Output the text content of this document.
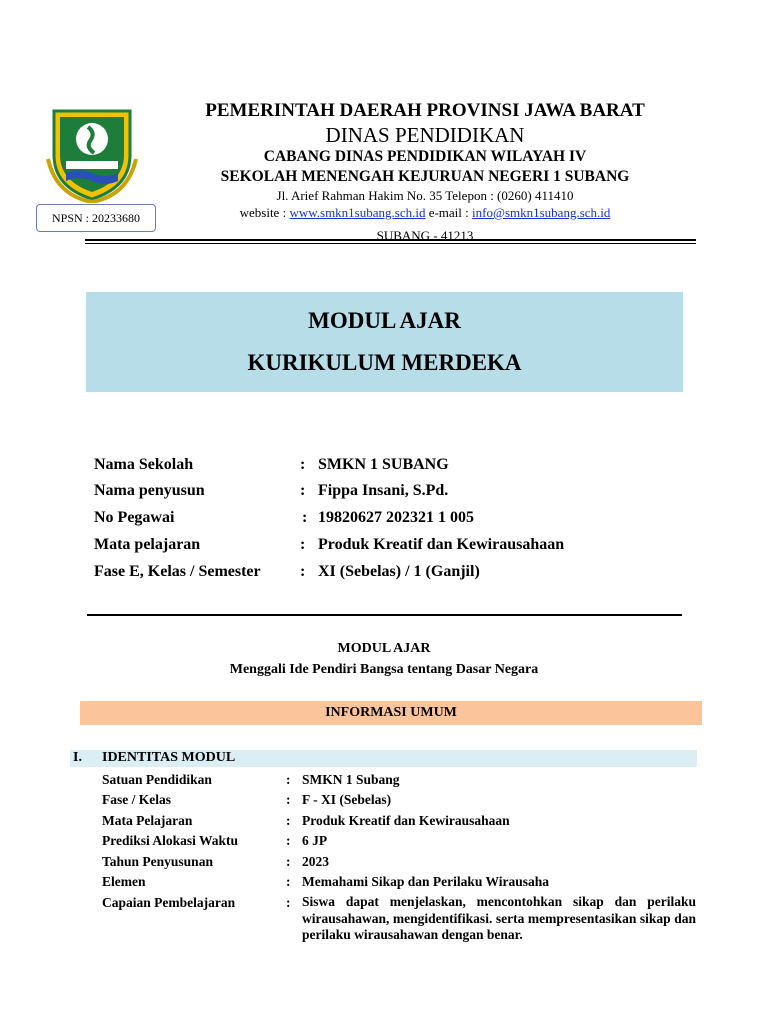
NPSN : 20233680
PEMERINTAH DAERAH PROVINSI JAWA BARAT
DINAS PENDIDIKAN
CABANG DINAS PENDIDIKAN WILAYAH IV
SEKOLAH MENENGAH KEJURUAN NEGERI 1 SUBANG
Jl. Arief Rahman Hakim No. 35 Telepon : (0260) 411410
website : www.smkn1subang.sch.id e-mail : info@smkn1subang.sch.id
SUBANG - 41213
MODUL AJAR
KURIKULUM MERDEKA
Nama Sekolah	: SMKN 1 SUBANG
Nama penyusun	: Fippa Insani, S.Pd.
No Pegawai	: 19820627 202321 1 005
Mata pelajaran	: Produk Kreatif dan Kewirausahaan
Fase E, Kelas / Semester : XI (Sebelas) / 1 (Ganjil)
MODUL AJAR
Menggali Ide Pendiri Bangsa tentang Dasar Negara
INFORMASI UMUM
I. IDENTITAS MODUL
Satuan Pendidikan	: SMKN 1 Subang
Fase / Kelas	: F - XI (Sebelas)
Mata Pelajaran	: Produk Kreatif dan Kewirausahaan
Prediksi Alokasi Waktu	: 6 JP
Tahun Penyusunan	: 2023
Elemen	: Memahami Sikap dan Perilaku Wirausaha
Capaian Pembelajaran	: Siswa dapat menjelaskan, mencontohkan sikap dan perilaku wirausahawan, mengidentifikasi. serta mempresentasikan sikap dan perilaku wirausahawan dengan benar.
